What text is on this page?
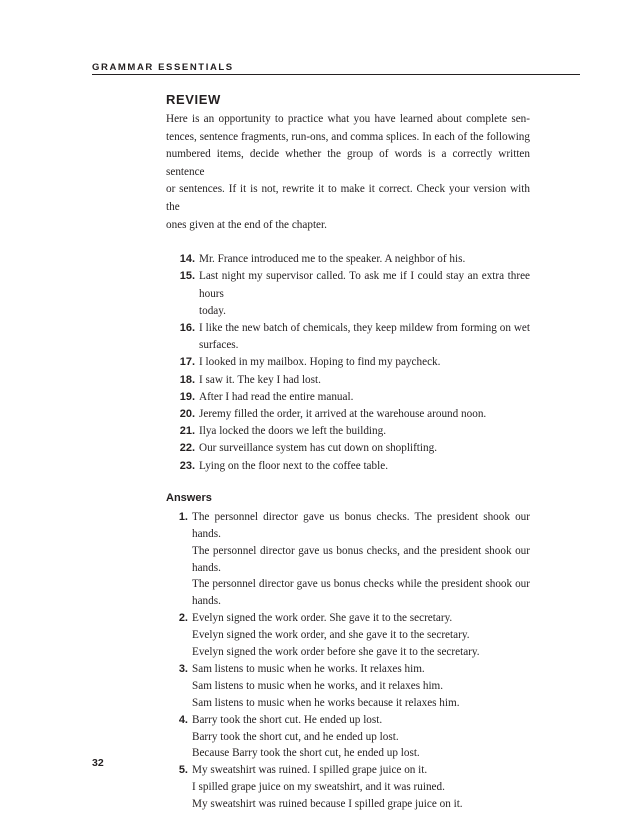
GRAMMAR ESSENTIALS
REVIEW

Here is an opportunity to practice what you have learned about complete sen-
tences, sentence fragments, run-ons, and comma splices. In each of the following
numbered items, decide whether the group of words is a correctly written sentence
or sentences. If it is not, rewrite it to make it correct. Check your version with the
ones given at the end of the chapter.

14. Mr. France introduced me to the speaker. A neighbor of his.
15. Last night my supervisor called. To ask me if I could stay an extra three hours
today.
16. I like the new batch of chemicals, they keep mildew from forming on wet
surfaces.
17. I looked in my mailbox. Hoping to find my paycheck.
18. I saw it. The key I had lost.
19. After I had read the entire manual.
20. Jeremy filled the order, it arrived at the warehouse around noon.
21. Ilya locked the doors we left the building.
22. Our surveillance system has cut down on shoplifting.
23. Lying on the floor next to the coffee table.
Answers
1. The personnel director gave us bonus checks. The president shook our
hands.
The personnel director gave us bonus checks, and the president shook our
hands.
The personnel director gave us bonus checks while the president shook our
hands.
2. Evelyn signed the work order. She gave it to the secretary.
Evelyn signed the work order, and she gave it to the secretary.
Evelyn signed the work order before she gave it to the secretary.
3. Sam listens to music when he works. It relaxes him.
Sam listens to music when he works, and it relaxes him.
Sam listens to music when he works because it relaxes him.
4. Barry took the short cut. He ended up lost.
Barry took the short cut, and he ended up lost.
Because Barry took the short cut, he ended up lost.
5. My sweatshirt was ruined. I spilled grape juice on it.
I spilled grape juice on my sweatshirt, and it was ruined.
My sweatshirt was ruined because I spilled grape juice on it.
32
